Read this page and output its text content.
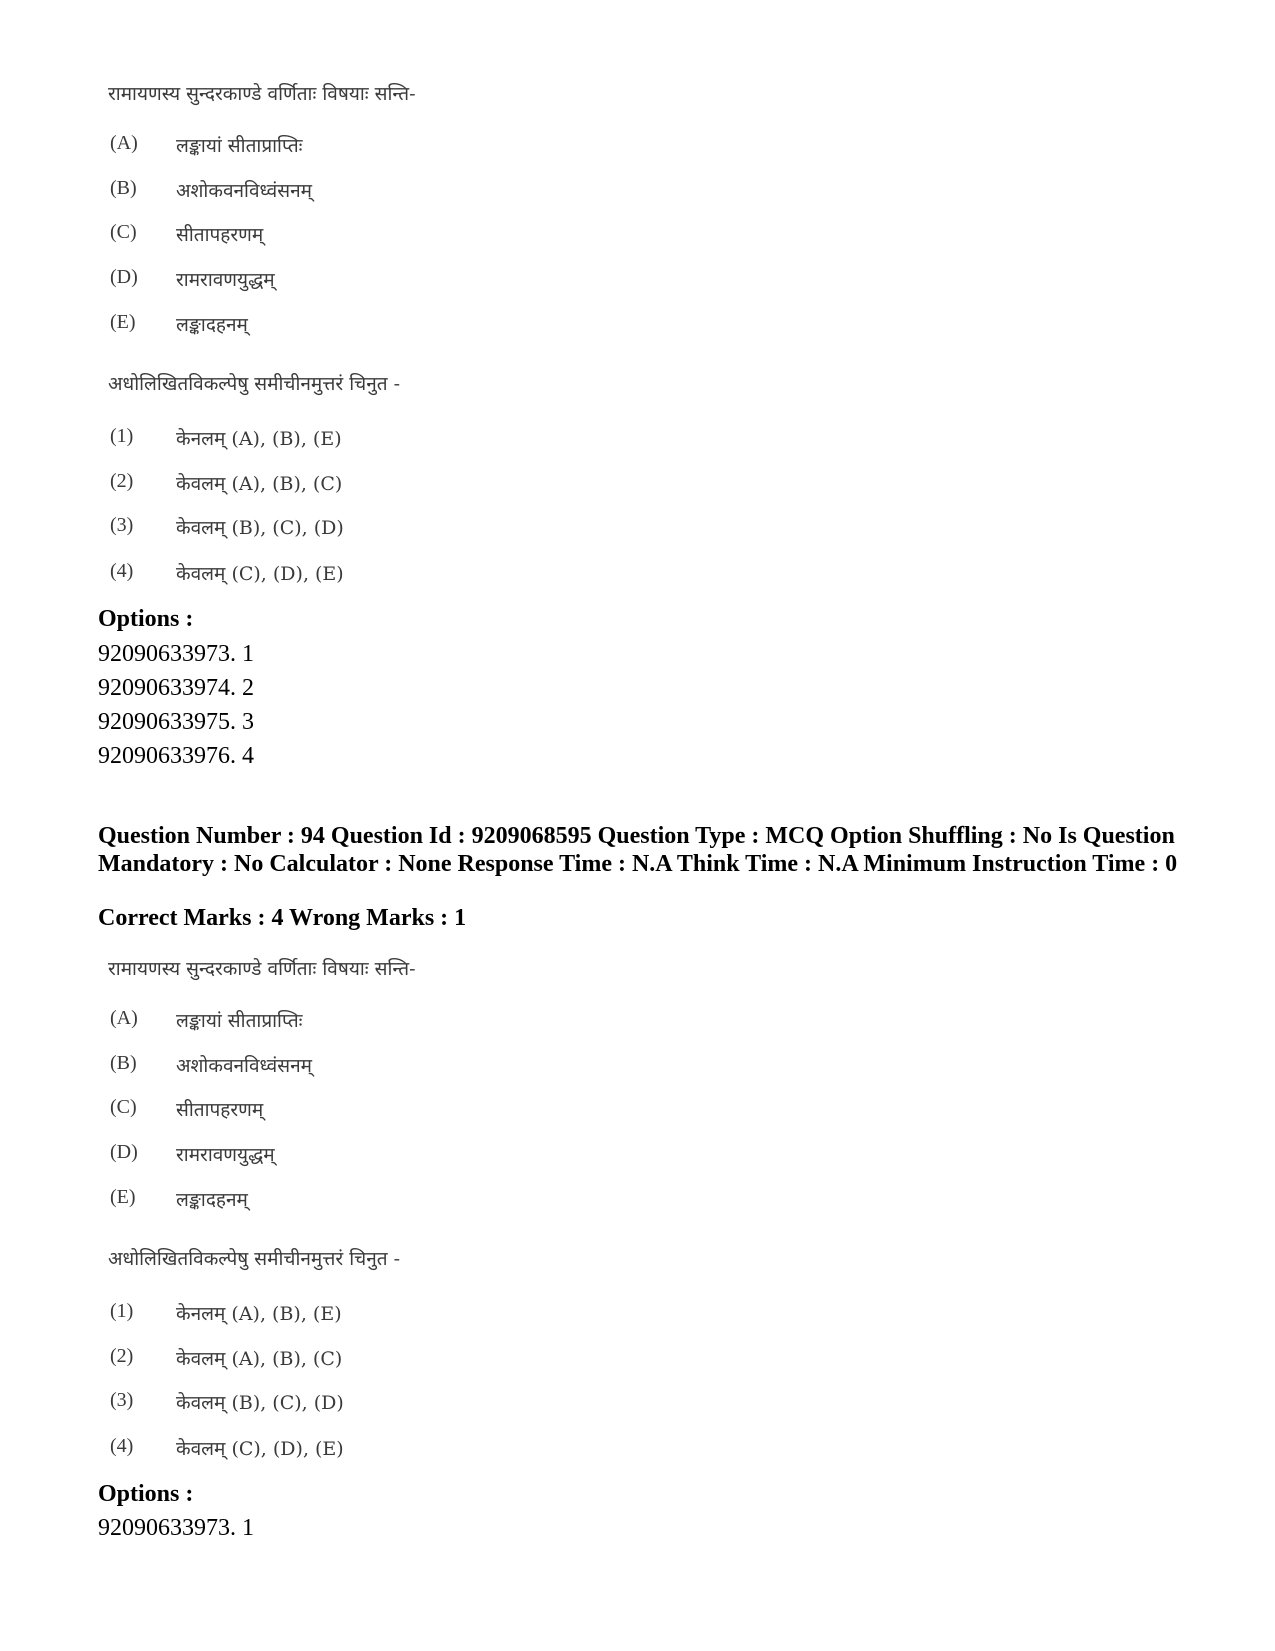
रामायणस्य सुन्दरकाण्डे वर्णिताः विषयाः सन्ति-
(A)	लङ्कायां सीताप्राप्तिः
(B)	अशोकवनविध्वंसनम्
(C)	सीतापहरणम्
(D)	रामरावणयुद्धम्
(E)	लङ्कादहनम्
अधोलिखितविकल्पेषु समीचीनमुत्तरं चिनुत -
(1)	केनलम् (A), (B), (E)
(2)	केवलम् (A), (B), (C)
(3)	केवलम् (B), (C), (D)
(4)	केवलम् (C), (D), (E)
Options :
92090633973. 1
92090633974. 2
92090633975. 3
92090633976. 4
Question Number : 94 Question Id : 9209068595 Question Type : MCQ Option Shuffling : No Is Question Mandatory : No Calculator : None Response Time : N.A Think Time : N.A Minimum Instruction Time : 0
Correct Marks : 4 Wrong Marks : 1
रामायणस्य सुन्दरकाण्डे वर्णिताः विषयाः सन्ति-
(A)	लङ्कायां सीताप्राप्तिः
(B)	अशोकवनविध्वंसनम्
(C)	सीतापहरणम्
(D)	रामरावणयुद्धम्
(E)	लङ्कादहनम्
अधोलिखितविकल्पेषु समीचीनमुत्तरं चिनुत -
(1)	केनलम् (A), (B), (E)
(2)	केवलम् (A), (B), (C)
(3)	केवलम् (B), (C), (D)
(4)	केवलम् (C), (D), (E)
Options :
92090633973. 1
